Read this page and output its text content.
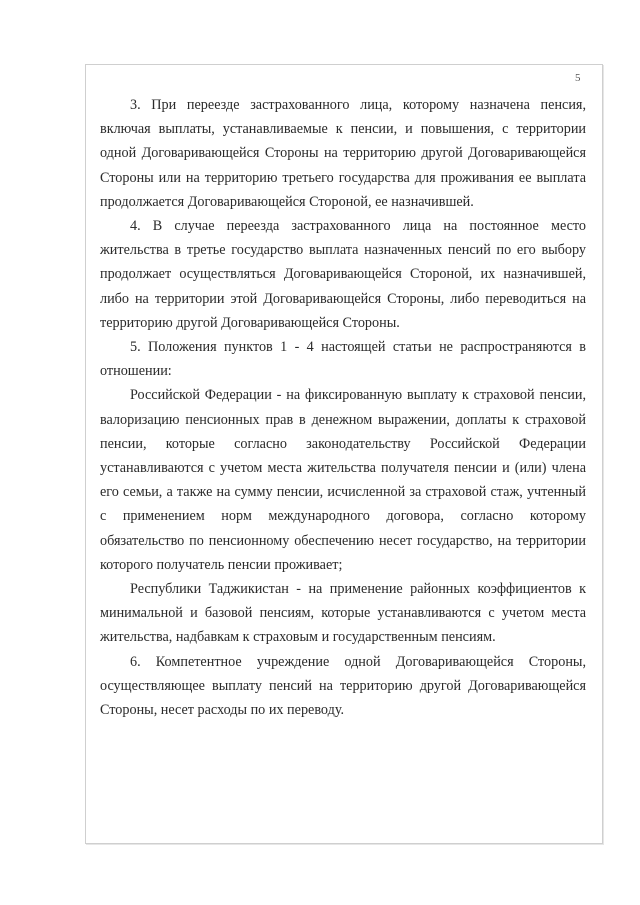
5

3. При переезде застрахованного лица, которому назначена пенсия, включая выплаты, устанавливаемые к пенсии, и повышения, с территории одной Договаривающейся Стороны на территорию другой Договаривающейся Стороны или на территорию третьего государства для проживания ее выплата продолжается Договаривающейся Стороной, ее назначившей.

4. В случае переезда застрахованного лица на постоянное место жительства в третье государство выплата назначенных пенсий по его выбору продолжает осуществляться Договаривающейся Стороной, их назначившей, либо на территории этой Договаривающейся Стороны, либо переводиться на территорию другой Договаривающейся Стороны.

5. Положения пунктов 1 - 4 настоящей статьи не распространяются в отношении:

Российской Федерации - на фиксированную выплату к страховой пенсии, валоризацию пенсионных прав в денежном выражении, доплаты к страховой пенсии, которые согласно законодательству Российской Федерации устанавливаются с учетом места жительства получателя пенсии и (или) члена его семьи, а также на сумму пенсии, исчисленной за страховой стаж, учтенный с применением норм международного договора, согласно которому обязательство по пенсионному обеспечению несет государство, на территории которого получатель пенсии проживает;

Республики Таджикистан - на применение районных коэффициентов к минимальной и базовой пенсиям, которые устанавливаются с учетом места жительства, надбавкам к страховым и государственным пенсиям.

6. Компетентное учреждение одной Договаривающейся Стороны, осуществляющее выплату пенсий на территорию другой Договаривающейся Стороны, несет расходы по их переводу.
